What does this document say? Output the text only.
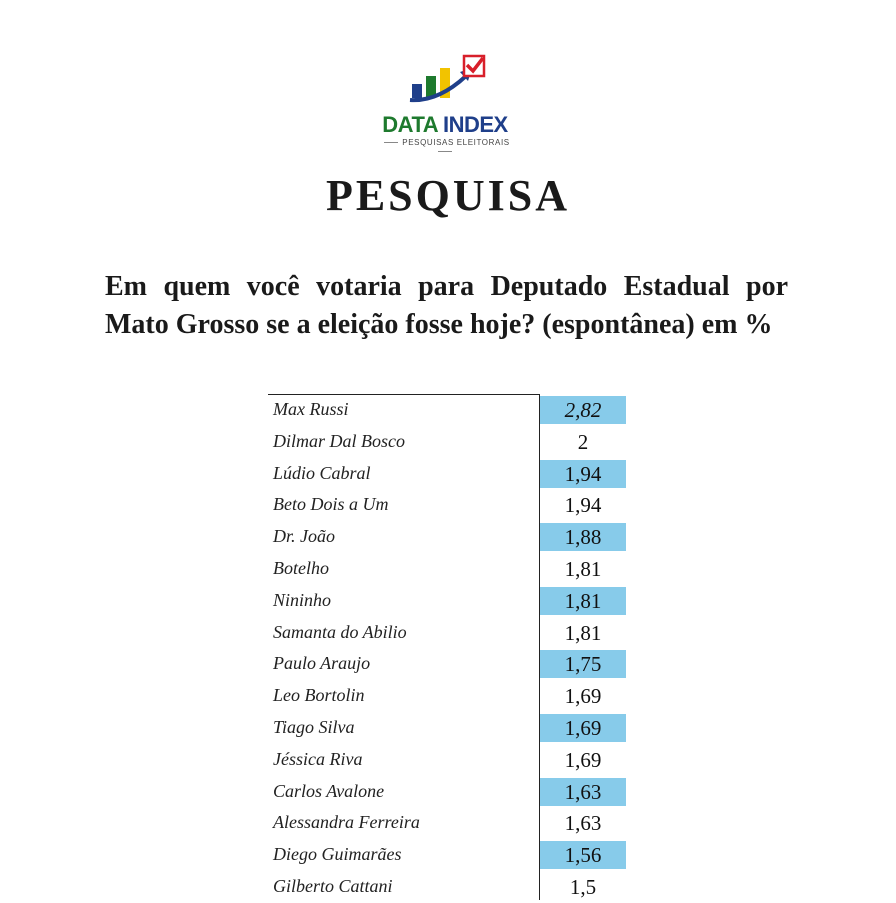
DATA INDEX
PESQUISAS ELEITORAIS
PESQUISA
Em quem você votaria para Deputado Estadual por Mato Grosso se a eleição fosse hoje? (espontânea) em %
Max Russi	2,82
Dilmar Dal Bosco	2
Lúdio Cabral	1,94
Beto Dois a Um	1,94
Dr. João	1,88
Botelho	1,81
Nininho	1,81
Samanta do Abilio	1,81
Paulo Araujo	1,75
Leo Bortolin	1,69
Tiago Silva	1,69
Jéssica Riva	1,69
Carlos Avalone	1,63
Alessandra Ferreira	1,63
Diego Guimarães	1,56
Gilberto Cattani	1,5
